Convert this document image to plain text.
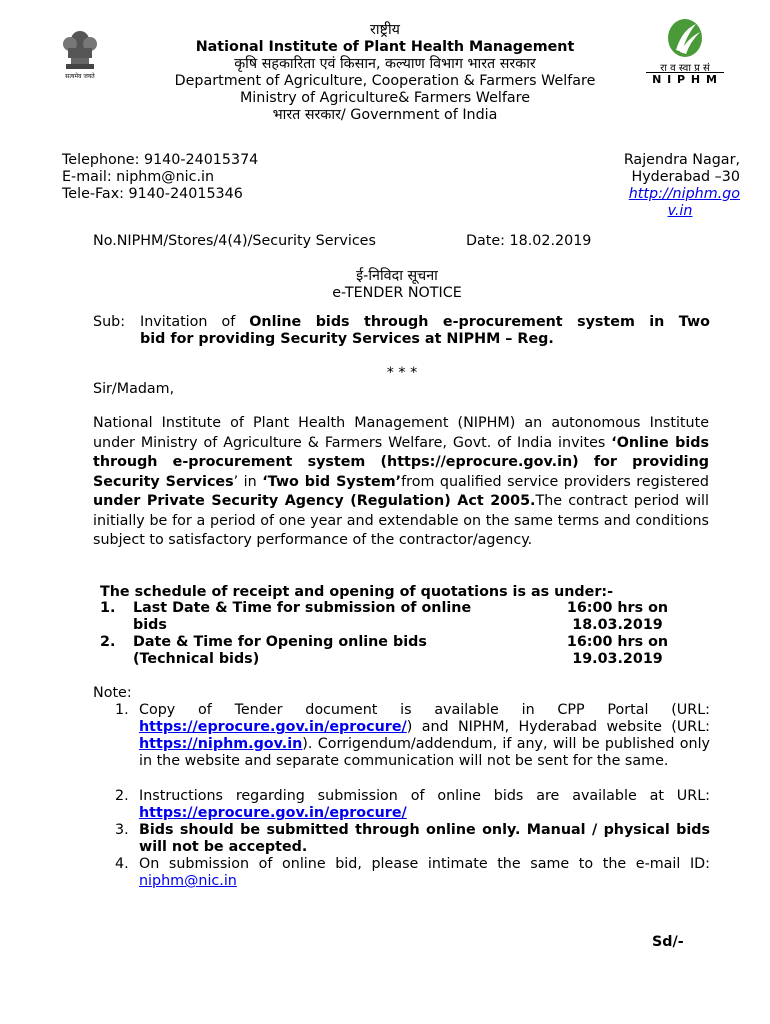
सत्यमेव जयते
रा व स्वा प्र सं
N I P H M
राष्ट्रीय
National Institute of Plant Health Management
कृषि सहकारिता एवं किसान, कल्याण विभाग भारत सरकार
Department of Agriculture, Cooperation & Farmers Welfare
Ministry of Agriculture& Farmers Welfare
भारत सरकार/ Government of India
Telephone: 9140-24015374
E-mail: niphm@nic.in
Tele-Fax: 9140-24015346
Rajendra Nagar,
Hyderabad –30
http://niphm.go
v.in
No.NIPHM/Stores/4(4)/Security Services	Date: 18.02.2019
ई-निविदा सूचना
e-TENDER NOTICE
Sub: Invitation of Online bids through e-procurement system in Two
bid for providing Security Services at NIPHM – Reg.
* * *
Sir/Madam,
National Institute of Plant Health Management (NIPHM) an autonomous Institute under Ministry of Agriculture & Farmers Welfare, Govt. of India invites ‘Online bids through e-procurement system (https://eprocure.gov.in) for providing Security Services’ in ‘Two bid System’from qualified service providers registered under Private Security Agency (Regulation) Act 2005.The contract period will initially be for a period of one year and extendable on the same terms and conditions subject to satisfactory performance of the contractor/agency.
The schedule of receipt and opening of quotations is as under:-
1. Last Date & Time for submission of online
bids
16:00 hrs on
18.03.2019
2. Date & Time for Opening online bids
(Technical bids)
16:00 hrs on
19.03.2019
Note:
1. Copy of Tender document is available in CPP Portal (URL: https://eprocure.gov.in/eprocure/) and NIPHM, Hyderabad website (URL: https://niphm.gov.in). Corrigendum/addendum, if any, will be published only in the website and separate communication will not be sent for the same.
2. Instructions regarding submission of online bids are available at URL: https://eprocure.gov.in/eprocure/
3. Bids should be submitted through online only. Manual / physical bids will not be accepted.
4. On submission of online bid, please intimate the same to the e-mail ID: niphm@nic.in
Sd/-
